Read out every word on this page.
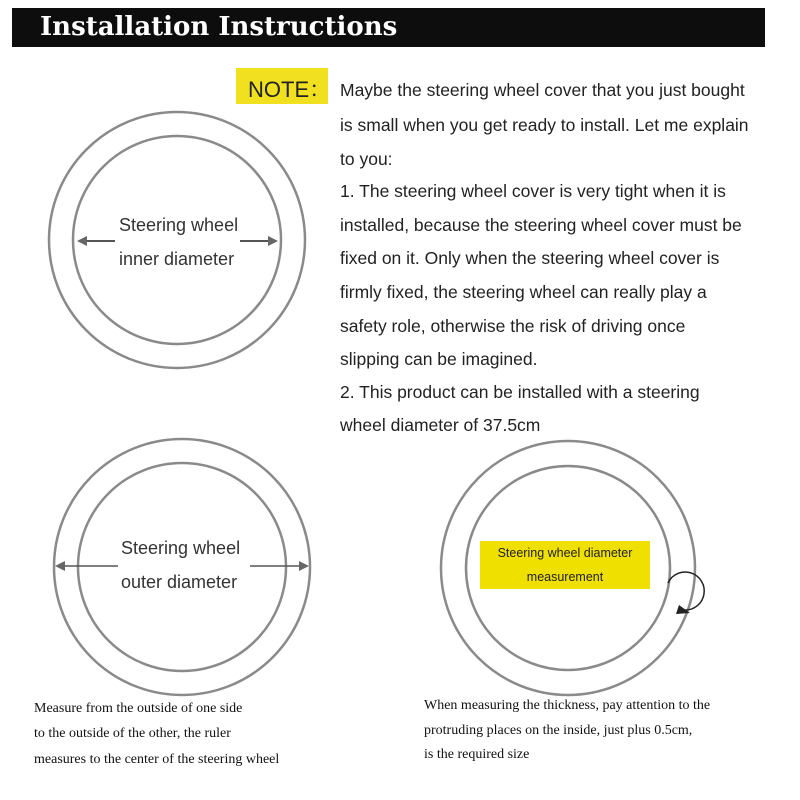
Installation Instructions
NOTE： Maybe the steering wheel cover that you just bought
is small when you get ready to install. Let me explain
to you:
1. The steering wheel cover is very tight when it is
installed, because the steering wheel cover must be
fixed on it. Only when the steering wheel cover is
firmly fixed, the steering wheel can really play a
safety role, otherwise the risk of driving once
slipping can be imagined.
2. This product can be installed with a steering
wheel diameter of 37.5cm
Steering wheel
inner diameter
Steering wheel
outer diameter
Steering wheel diameter
measurement
Measure from the outside of one side
to the outside of the other, the ruler
measures to the center of the steering wheel
When measuring the thickness, pay attention to the
protruding places on the inside, just plus 0.5cm,
is the required size
